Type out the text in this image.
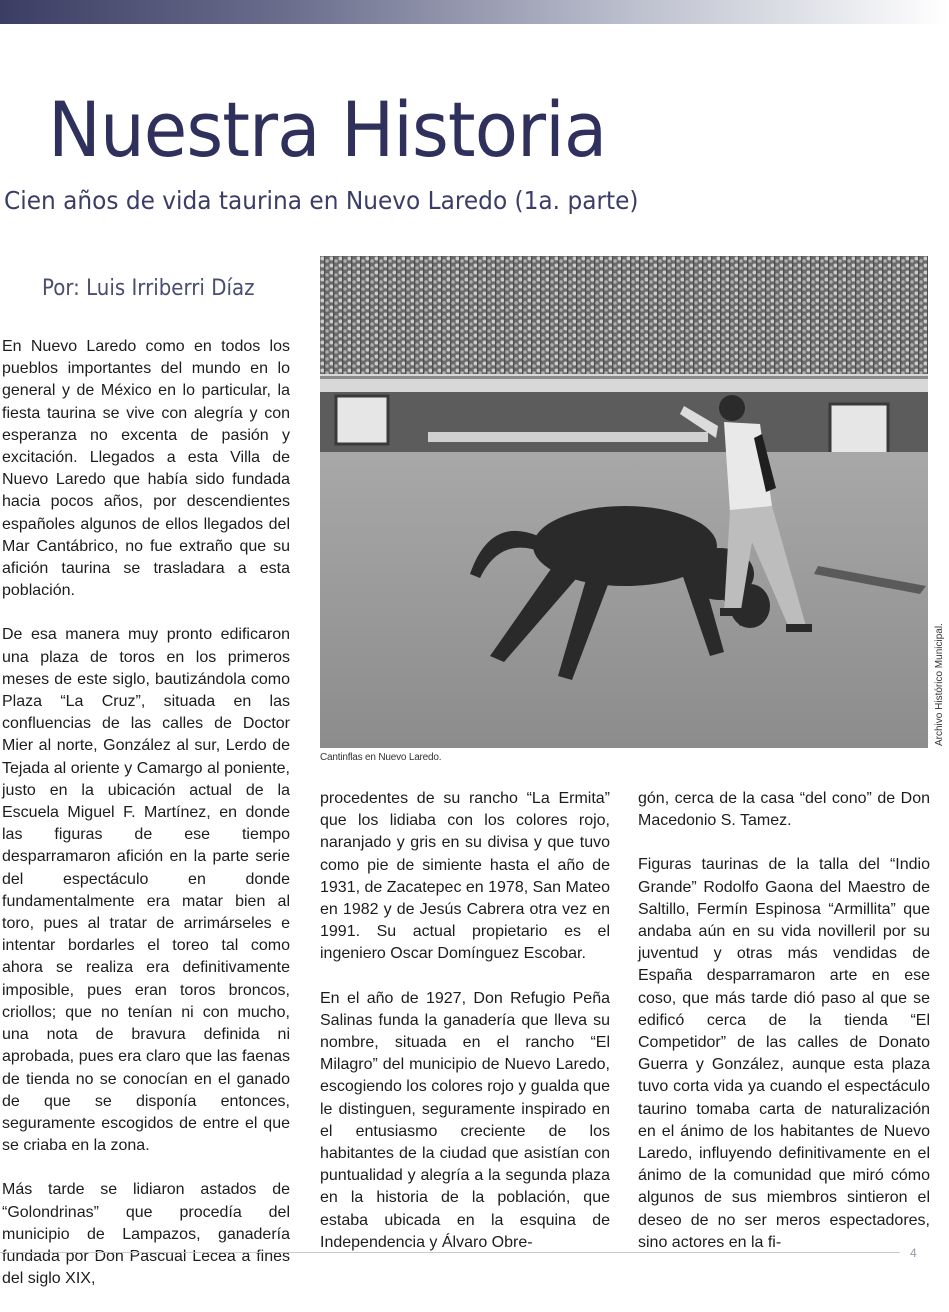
Nuestra Historia
Cien años de vida taurina en Nuevo Laredo (1a. parte)
Por: Luis Irriberri Díaz

En Nuevo Laredo como en todos los pueblos importantes del mundo en lo general y de México en lo particular, la fiesta taurina se vive con alegría y con esperanza no excenta de pasión y excitación. Llegados a esta Villa de Nuevo Laredo que había sido fundada hacia pocos años, por descendientes españoles algunos de ellos llegados del Mar Cantábrico, no fue extraño que su afición taurina se trasladara a esta población.

De esa manera muy pronto edificaron una plaza de toros en los primeros meses de este siglo, bautizándola como Plaza “La Cruz”, situada en las confluencias de las calles de Doctor Mier al norte, González al sur, Lerdo de Tejada al oriente y Camargo al poniente, justo en la ubicación actual de la Escuela Miguel F. Martínez, en donde las figuras de ese tiempo desparramaron afición en la parte serie del espectáculo en donde fundamentalmente era matar bien al toro, pues al tratar de arrimárseles e intentar bordarles el toreo tal como ahora se realiza era definitivamente imposible, pues eran toros broncos, criollos; que no tenían ni con mucho, una nota de bravura definida ni aprobada, pues era claro que las faenas de tienda no se conocían en el ganado de que se disponía entonces, seguramente escogidos de entre el que se criaba en la zona.

Más tarde se lidiaron astados de “Golondrinas” que procedía del municipio de Lampazos, ganadería fundada por Don Pascual Lecea a fines del siglo XIX,

Cantinflas en Nuevo Laredo.
Archivo Histórico Municipal.

procedentes de su rancho “La Ermita” que los lidiaba con los colores rojo, naranjado y gris en su divisa y que tuvo como pie de simiente hasta el año de 1931, de Zacatepec en 1978, San Mateo en 1982 y de Jesús Cabrera otra vez en 1991. Su actual propietario es el ingeniero Oscar Domínguez Escobar.

En el año de 1927, Don Refugio Peña Salinas funda la ganadería que lleva su nombre, situada en el rancho “El Milagro” del municipio de Nuevo Laredo, escogiendo los colores rojo y gualda que le distinguen, seguramente inspirado en el entusiasmo creciente de los habitantes de la ciudad que asistían con puntualidad y alegría a la segunda plaza en la historia de la población, que estaba ubicada en la esquina de Independencia y Álvaro Obre-

gón, cerca de la casa “del cono” de Don Macedonio S. Tamez.

Figuras taurinas de la talla del “Indio Grande” Rodolfo Gaona del Maestro de Saltillo, Fermín Espinosa “Armillita” que andaba aún en su vida novilleril por su juventud y otras más vendidas de España desparramaron arte en ese coso, que más tarde dió paso al que se edificó cerca de la tienda “El Competidor” de las calles de Donato Guerra y González, aunque esta plaza tuvo corta vida ya cuando el espectáculo taurino tomaba carta de naturalización en el ánimo de los habitantes de Nuevo Laredo, influyendo definitivamente en el ánimo de la comunidad que miró cómo algunos de sus miembros sintieron el deseo de no ser meros espectadores, sino actores en la fi-

4
